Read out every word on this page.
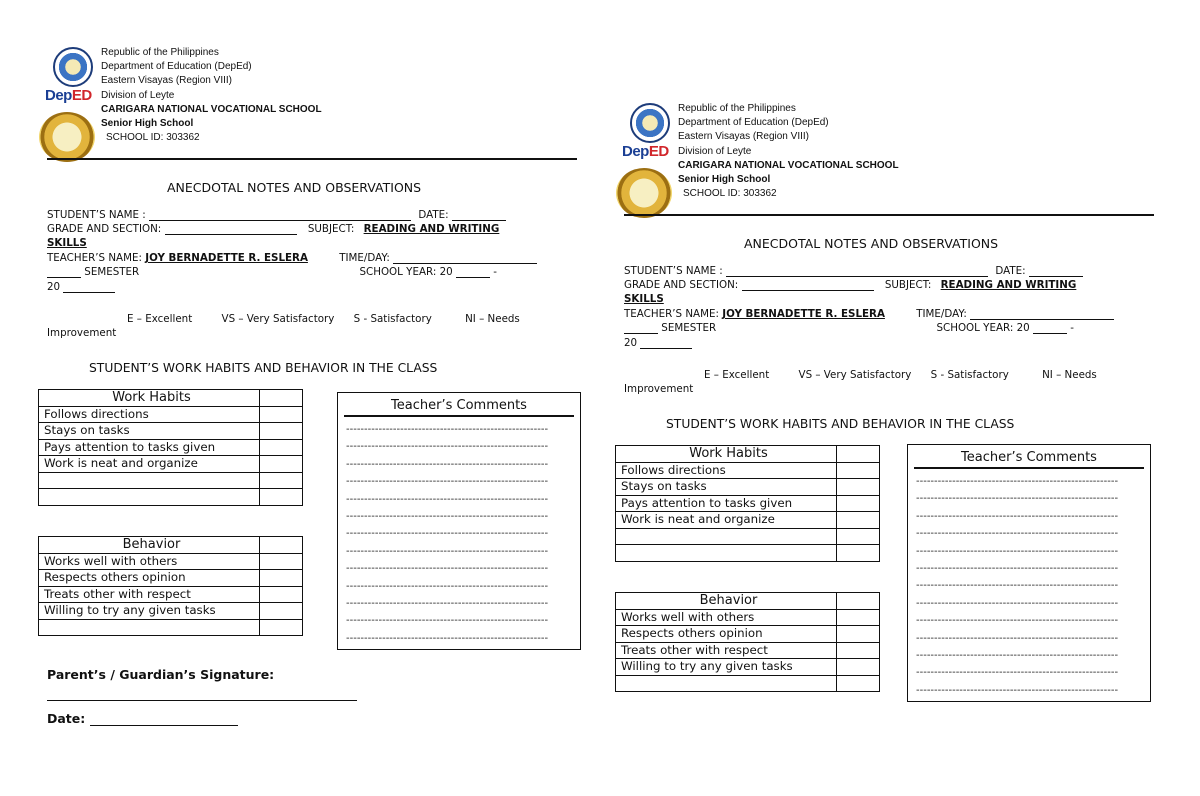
DepED
Republic of the Philippines
Department of Education (DepEd)
Eastern Visayas (Region VIII)
Division of Leyte
CARIGARA NATIONAL VOCATIONAL SCHOOL
Senior High School
SCHOOL ID: 303362
ANECDOTAL NOTES AND OBSERVATIONS
STUDENT’S NAME :	DATE:
GRADE AND SECTION:	SUBJECT: READING AND WRITING
SKILLS
TEACHER’S NAME: JOY BERNADETTE R. ESLERA	TIME/DAY:
SEMESTER	SCHOOL YEAR: 20	-
20
E – Excellent	VS – Very Satisfactory S - Satisfactory	NI – Needs
Improvement
STUDENT’S WORK HABITS AND BEHAVIOR IN THE CLASS
Work Habits	
Follows directions	
Stays on tasks	
Pays attention to tasks given	
Work is neat and organize	

Behavior	
Works well with others	
Respects others opinion	
Treats other with respect	
Willing to try any given tasks	

Teacher’s Comments
--------------------------------------------------------
--------------------------------------------------------
--------------------------------------------------------
--------------------------------------------------------
--------------------------------------------------------
--------------------------------------------------------
--------------------------------------------------------
--------------------------------------------------------
--------------------------------------------------------
--------------------------------------------------------
--------------------------------------------------------
--------------------------------------------------------
--------------------------------------------------------
Parent’s / Guardian’s Signature:
Date:
DepED
Republic of the Philippines
Department of Education (DepEd)
Eastern Visayas (Region VIII)
Division of Leyte
CARIGARA NATIONAL VOCATIONAL SCHOOL
Senior High School
SCHOOL ID: 303362
ANECDOTAL NOTES AND OBSERVATIONS
STUDENT’S NAME :	DATE:
GRADE AND SECTION:	SUBJECT: READING AND WRITING
SKILLS
TEACHER’S NAME: JOY BERNADETTE R. ESLERA	TIME/DAY:
SEMESTER	SCHOOL YEAR: 20	-
20
E – Excellent	VS – Very Satisfactory S - Satisfactory	NI – Needs
Improvement
STUDENT’S WORK HABITS AND BEHAVIOR IN THE CLASS
Work Habits	
Follows directions	
Stays on tasks	
Pays attention to tasks given	
Work is neat and organize	

Behavior	
Works well with others	
Respects others opinion	
Treats other with respect	
Willing to try any given tasks	

Teacher’s Comments
--------------------------------------------------------
--------------------------------------------------------
--------------------------------------------------------
--------------------------------------------------------
--------------------------------------------------------
--------------------------------------------------------
--------------------------------------------------------
--------------------------------------------------------
--------------------------------------------------------
--------------------------------------------------------
--------------------------------------------------------
--------------------------------------------------------
--------------------------------------------------------
